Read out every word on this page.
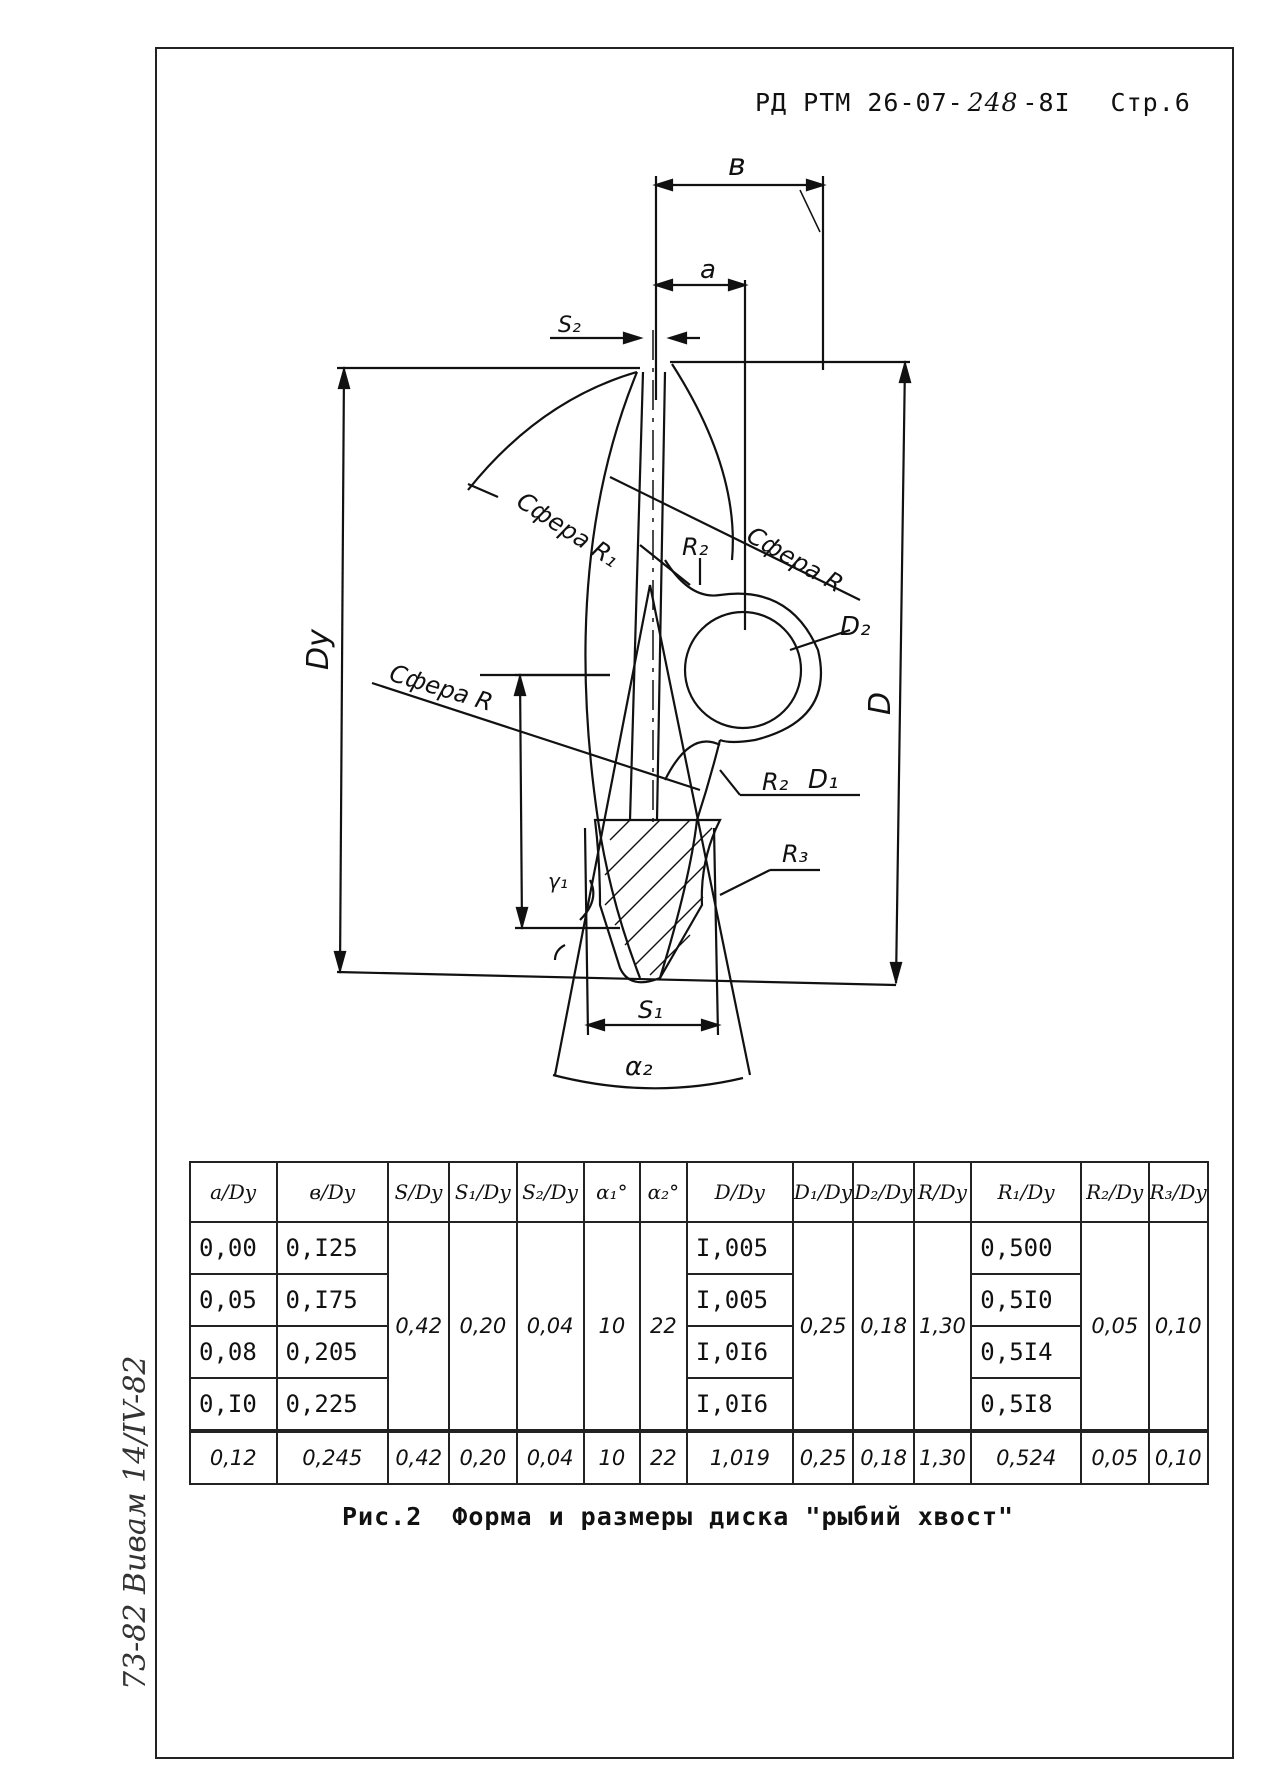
РД РТМ 26-07- 248 -8I Стр.6
в
а
S₂
Dу
D
D₂
D₁
R₂
R₂
R₃
S₁
α₂
γ₁
Сфера R₁	Сфера R
Сфера R
a/Dу	в/Dу	S/Dу	S₁/Dу	S₂/Dу	α₁°	α₂°	D/Dу	D₁/Dу	D₂/Dу	R/Dу	R₁/Dу	R₂/Dу	R₃/Dу
0,00	0,I25	0,42	0,20	0,04	10	22	I,005	0,25	0,18	1,30	0,500	0,05	0,10
0,05	0,I75						I,005				0,5I0		
0,08	0,205						I,0I6				0,5I4		
0,I0	0,225						I,0I6				0,5I8		
0,12	0,245	0,42	0,20	0,04	10	22	1,019	0,25	0,18	1,30	0,524	0,05	0,10
Рис.2 Форма и размеры диска "рыбий хвост"
73-82 Вивам 14/IV-82
